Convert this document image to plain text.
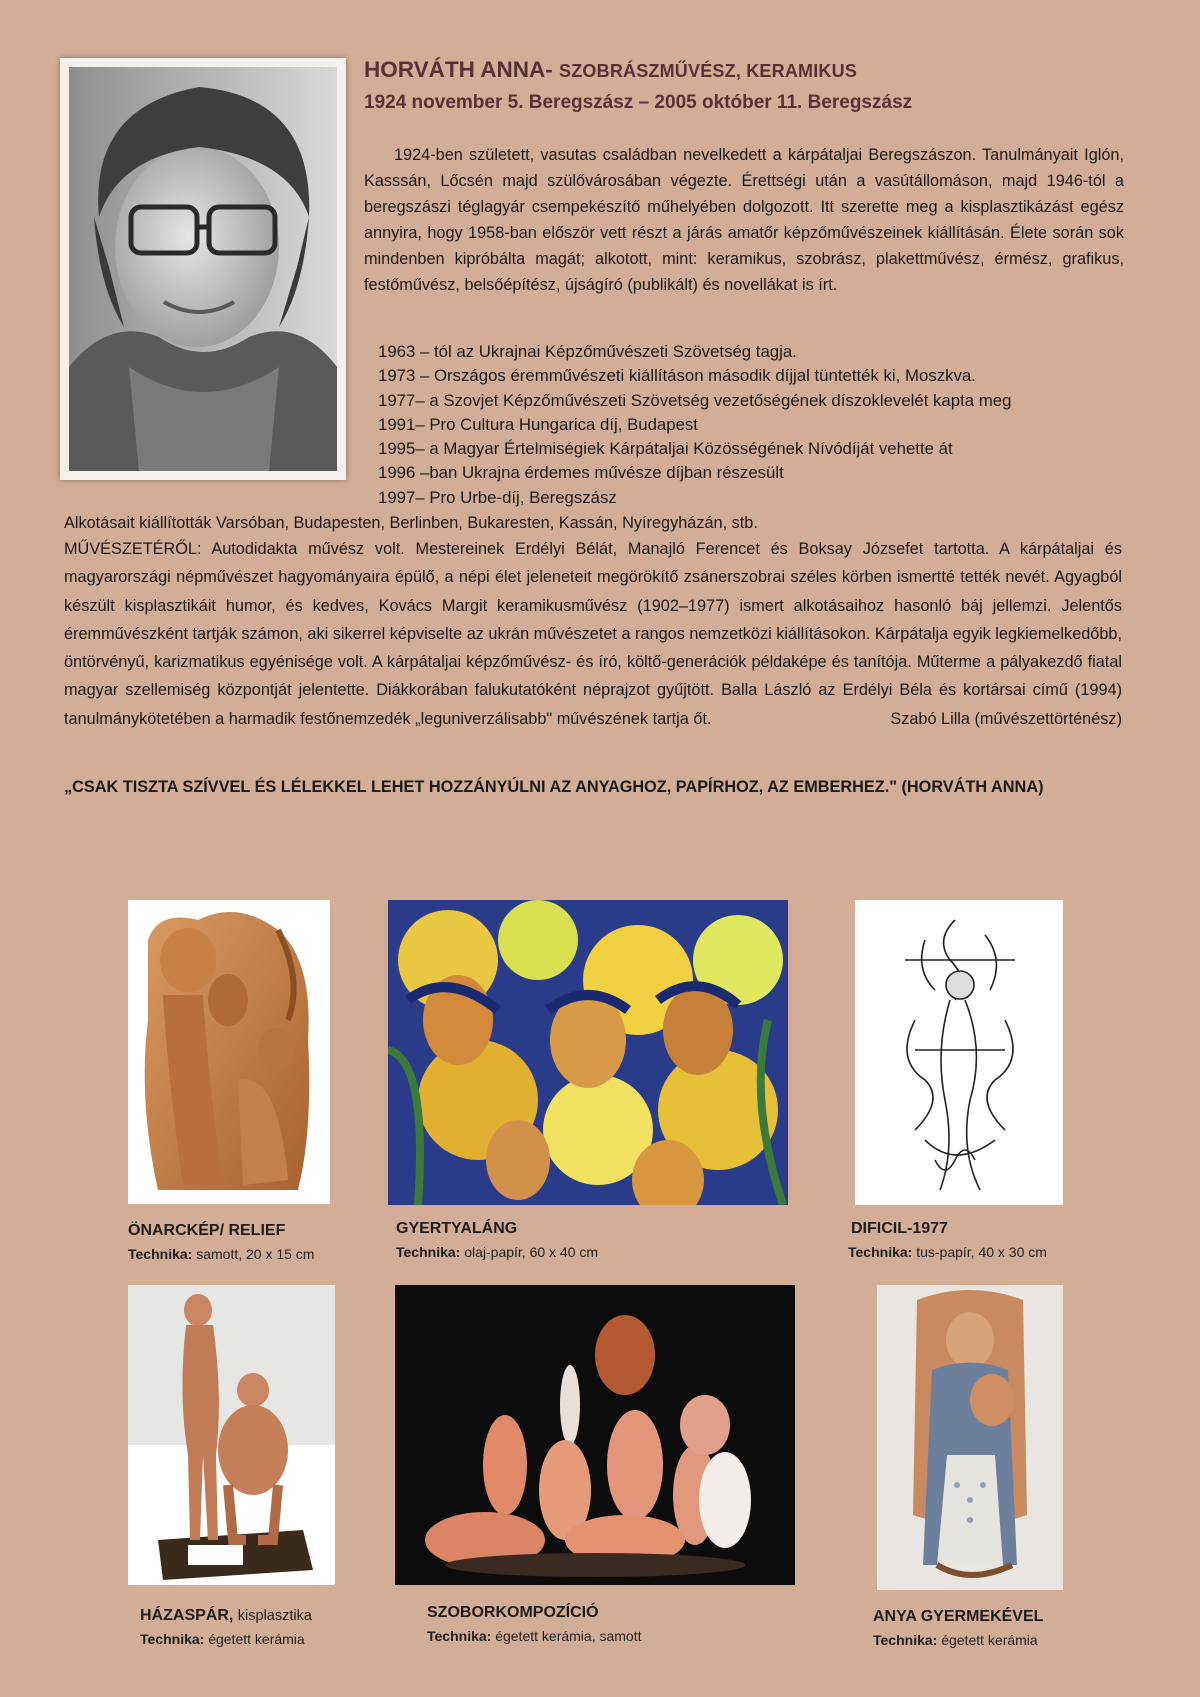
HORVÁTH ANNA- SZOBRÁSZMŰVÉSZ, KERAMIKUS
1924 november 5. Beregszász – 2005 október 11. Beregszász

1924-ben született, vasutas családban nevelkedett a kárpátaljai Beregszászon. Tanulmányait Iglón, Kasssán, Lőcsén majd szülővárosában végezte. Érettségi után a vasútállomáson, majd 1946-tól a beregszászi téglagyár csempekészítő műhelyében dolgozott. Itt szerette meg a kisplasztikázást egész annyira, hogy 1958-ban először vett részt a járás amatőr képzőművészeinek kiállításán. Élete során sok mindenben kipróbálta magát; alkotott, mint: keramikus, szobrász, plakettművész, érmész, grafikus, festőművész, belsőépítész, újságíró (publikált) és novellákat is írt.

1963 – tól az Ukrajnai Képzőművészeti Szövetség tagja.
1973 – Országos éremművészeti kiállításon második díjjal tüntették ki, Moszkva.
1977– a Szovjet Képzőművészeti Szövetség vezetőségének díszoklevelét kapta meg
1991– Pro Cultura Hungarica díj, Budapest
1995– a Magyar Értelmiségiek Kárpátaljai Közösségének Nívódíját vehette át
1996 –ban Ukrajna érdemes művésze díjban részesült
1997– Pro Urbe-díj, Beregszász

Alkotásait kiállították Varsóban, Budapesten, Berlinben, Bukaresten, Kassán, Nyíregyházán, stb.

MŰVÉSZETÉRŐL: Autodidakta művész volt. Mestereinek Erdélyi Bélát, Manajló Ferencet és Boksay Józsefet tartotta. A kárpátaljai és magyarországi népművészet hagyományaira épülő, a népi élet jeleneteit megörökítő zsánerszobrai széles körben ismertté tették nevét. Agyagból készült kisplasztikáit humor, és kedves, Kovács Margit keramikusművész (1902–1977) ismert alkotásaihoz hasonló báj jellemzi. Jelentős éremművészként tartják számon, aki sikerrel képviselte az ukrán művészetet a rangos nemzetközi kiállításokon. Kárpátalja egyik legkiemelkedőbb, öntörvényű, karizmatikus egyénisége volt. A kárpátaljai képzőművész- és író, költő-generációk példaképe és tanítója. Műterme a pályakezdő fiatal magyar szellemiség központját jelentette. Diákkorában falukutatóként néprajzot gyűjtött. Balla László az Erdélyi Béla és kortársai című (1994) tanulmánykötetében a harmadik festőnemzedék „leguniverzálisabb" művészének tartja őt.	Szabó Lilla (művészettörténész)

„CSAK TISZTA SZÍVVEL ÉS LÉLEKKEL LEHET HOZZÁNYÚLNI AZ ANYAGHOZ, PAPÍRHOZ, AZ EMBERHEZ." (HORVÁTH ANNA)

ÖNARCKÉP/ RELIEF
Technika: samott, 20 x 15 cm
GYERTYALÁNG
Technika: olaj-papír, 60 x 40 cm
DIFICIL-1977
Technika: tus-papír, 40 x 30 cm
HÁZASPÁR, kisplasztika
Technika: égetett kerámia
SZOBORKOMPOZÍCIÓ
Technika: égetett kerámia, samott
ANYA GYERMEKÉVEL
Technika: égetett kerámia
